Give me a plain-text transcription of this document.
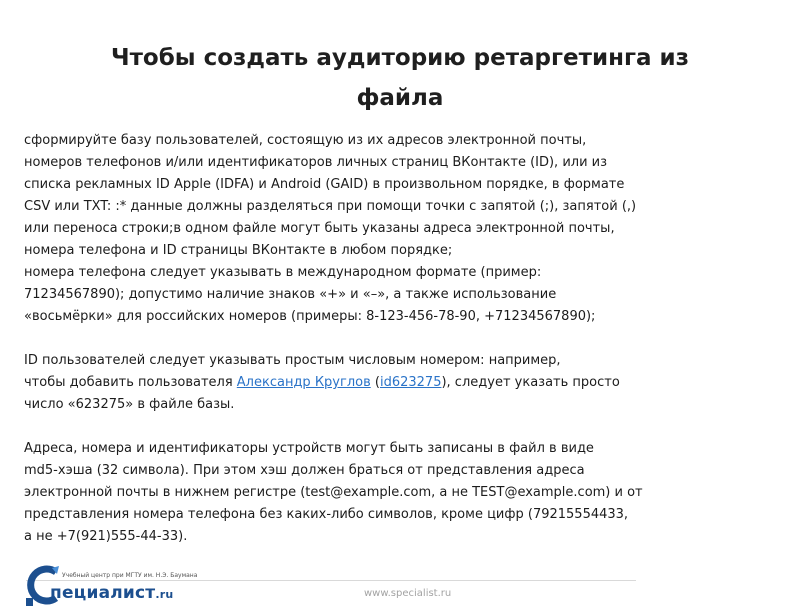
Чтобы создать аудиторию ретаргетинга из
файла
сформируйте базу пользователей, состоящую из их адресов электронной почты,
номеров телефонов и/или идентификаторов личных страниц ВКонтакте (ID), или из
списка рекламных ID Apple (IDFA) и Android (GAID) в произвольном порядке, в формате
CSV или TXT: :* данные должны разделяться при помощи точки с запятой (;), запятой (,)
или переноса строки;в одном файле могут быть указаны адреса электронной почты,
номера телефона и ID страницы ВКонтакте в любом порядке;
номера телефона следует указывать в международном формате (пример:
71234567890); допустимо наличие знаков «+» и «–», а также использование
«восьмёрки» для российских номеров (примеры: 8-123-456-78-90, +71234567890);
ID пользователей следует указывать простым числовым номером: например,
чтобы добавить пользователя Александр Круглов (id623275), следует указать просто
число «623275» в файле базы.
Адреса, номера и идентификаторы устройств могут быть записаны в файл в виде
md5-хэша (32 символа). При этом хэш должен браться от представления адреса
электронной почты в нижнем регистре (test@example.com, а не TEST@example.com) и от
представления номера телефона без каких-либо символов, кроме цифр (79215554433,
а не +7(921)555-44-33).
Учебный центр при МГТУ им. Н.Э. Баумана
пециалист.ru	www.specialist.ru
